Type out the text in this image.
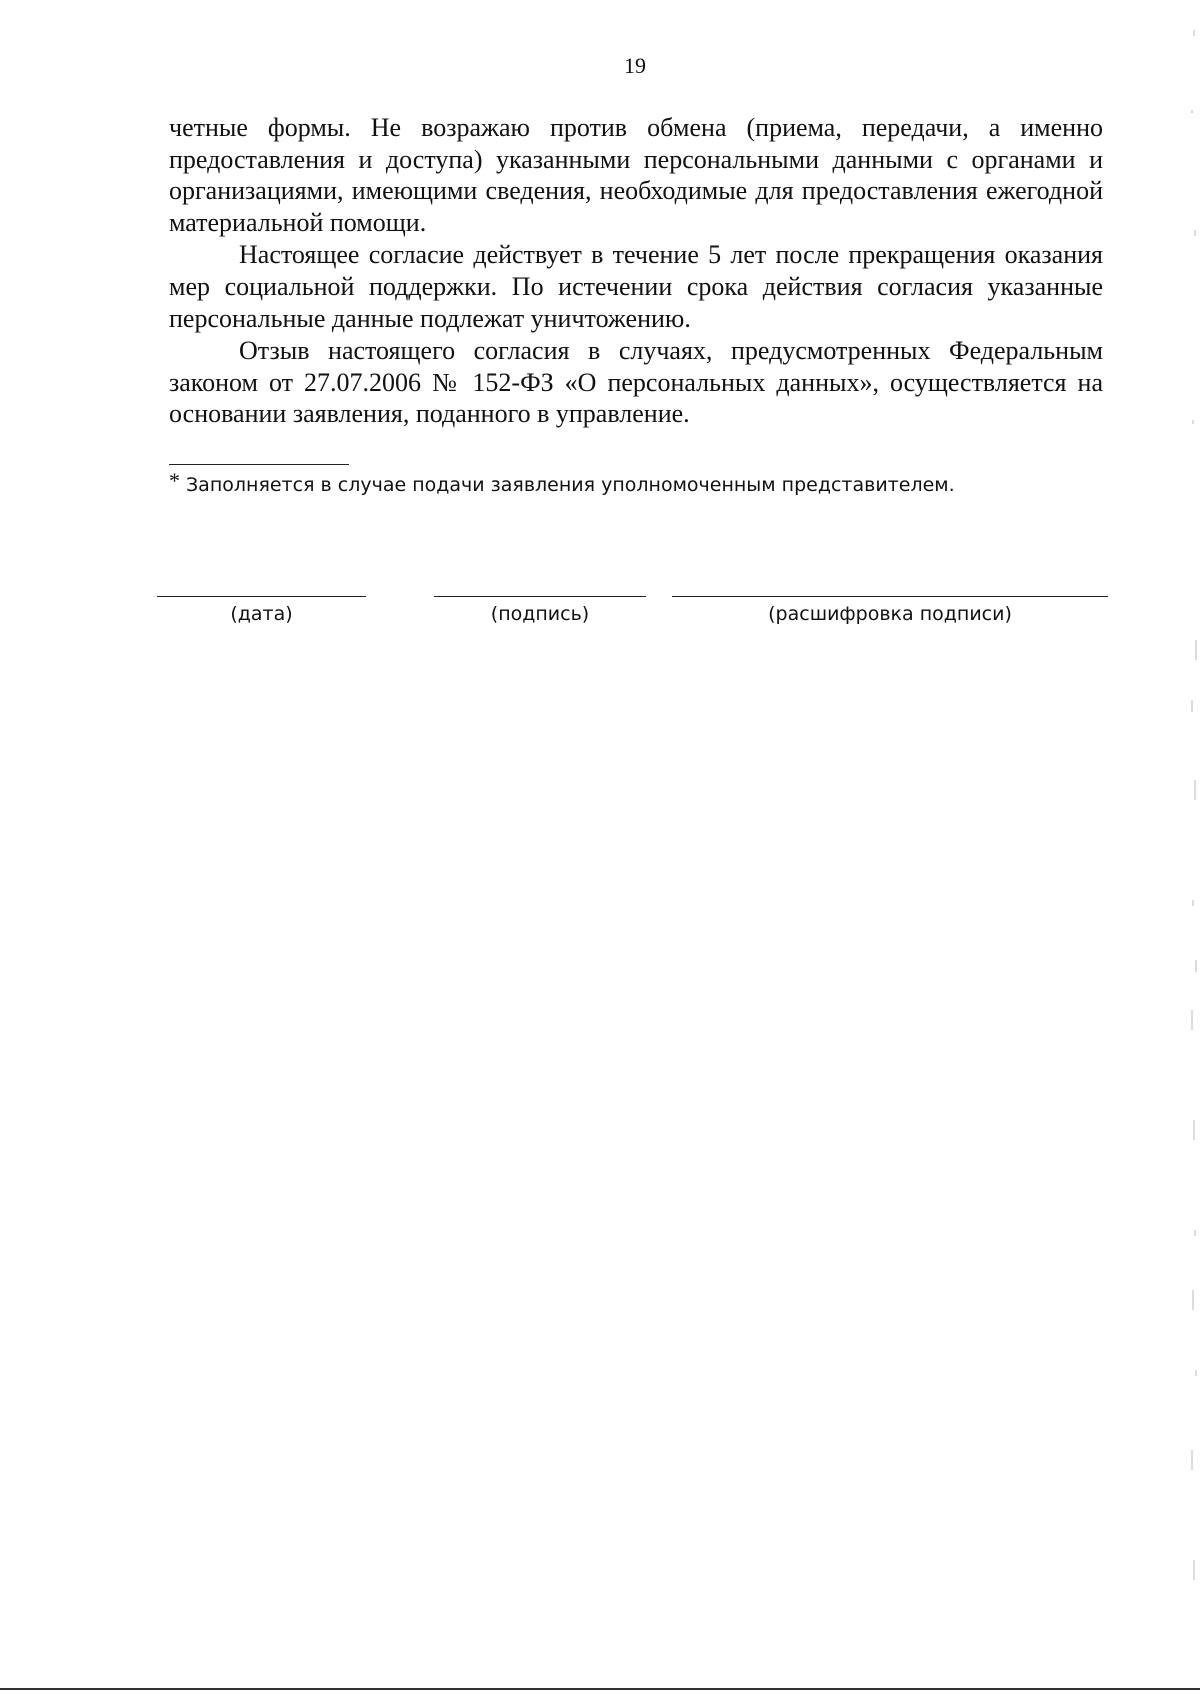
19

четные формы. Не возражаю против обмена (приема, передачи, а именно предоставления и доступа) указанными персональными данными с органами и организациями, имеющими сведения, необходимые для предоставления ежегодной материальной помощи.

Настоящее согласие действует в течение 5 лет после прекращения оказания мер социальной поддержки. По истечении срока действия согласия указанные персональные данные подлежат уничтожению.

Отзыв настоящего согласия в случаях, предусмотренных Федеральным законом от 27.07.2006 № 152-ФЗ «О персональных данных», осуществляется на основании заявления, поданного в управление.

* Заполняется в случае подачи заявления уполномоченным представителем.
(дата)	(подпись)	(расшифровка подписи)
